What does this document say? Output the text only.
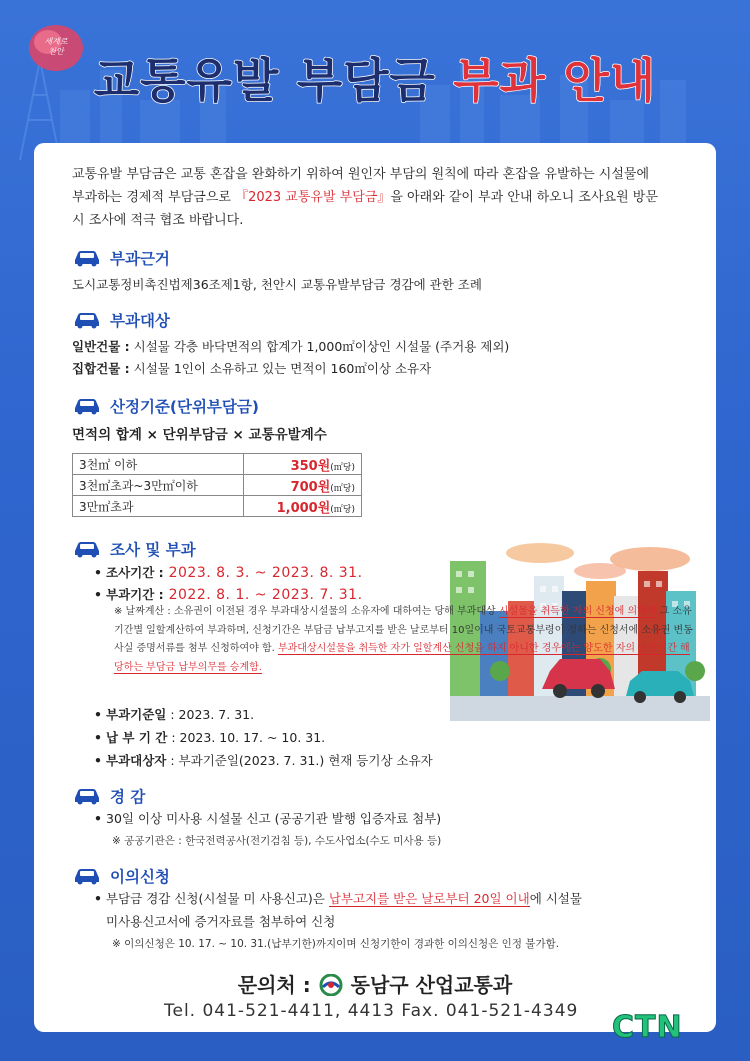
세계로
천안
교통유발 부담금 부과 안내
교통유발 부담금은 교통 혼잡을 완화하기 위하여 원인자 부담의 원칙에 따라 혼잡을 유발하는 시설물에
부과하는 경제적 부담금으로 『2023 교통유발 부담금』을 아래와 같이 부과 안내 하오니 조사요원 방문
시 조사에 적극 협조 바랍니다.
부과근거
도시교통정비촉진법제36조제1항, 천안시 교통유발부담금 경감에 관한 조례
부과대상
일반건물 : 시설물 각층 바닥면적의 합계가 1,000㎡이상인 시설물 (주거용 제외)
집합건물 : 시설물 1인이 소유하고 있는 면적이 160㎡이상 소유자
산정기준(단위부담금)
면적의 합계 × 단위부담금 × 교통유발계수
3천㎡ 이하	350원(㎡당)
3천㎡초과~3만㎡이하	700원(㎡당)
3만㎡초과	1,000원(㎡당)
조사 및 부과
• 조사기간 : 2023. 8. 3. ~ 2023. 8. 31.
• 부과기간 : 2022. 8. 1. ~ 2023. 7. 31.
※ 날짜계산 : 소유권이 이전된 경우 부과대상시설물의 소유자에 대하여는 당해 부과대상 시설물을 취득한 자의 신청에 의하여 그 소유 기간별 일할계산하여 부과하며, 신청기간은 부담금 납부고지를 받은 날로부터 10일이내 국토교통부령이 정하는 신청서에 소유권 변동사실 증명서류를 첨부 신청하여야 함. 부과대상시설물을 취득한 자가 일할계산 신청을 하지 아니한 경우에는 양도한 자의 소유기간 해당하는 부담금 납부의무를 승계함.
• 부과기준일 : 2023. 7. 31.
• 납 부 기 간 : 2023. 10. 17. ~ 10. 31.
• 부과대상자 : 부과기준일(2023. 7. 31.) 현재 등기상 소유자
경 감
• 30일 이상 미사용 시설물 신고 (공공기관 발행 입증자료 첨부)
※ 공공기관은 : 한국전력공사(전기검침 등), 수도사업소(수도 미사용 등)
이의신청
• 부담금 경감 신청(시설물 미 사용신고)은 납부고지를 받은 날로부터 20일 이내에 시설물
미사용신고서에 증거자료를 첨부하여 신청
※ 이의신청은 10. 17. ~ 10. 31.(납부기한)까지이며 신청기한이 경과한 이의신청은 인정 불가함.
문의처 : 동남구 산업교통과
Tel. 041-521-4411, 4413 Fax. 041-521-4349 CTN
